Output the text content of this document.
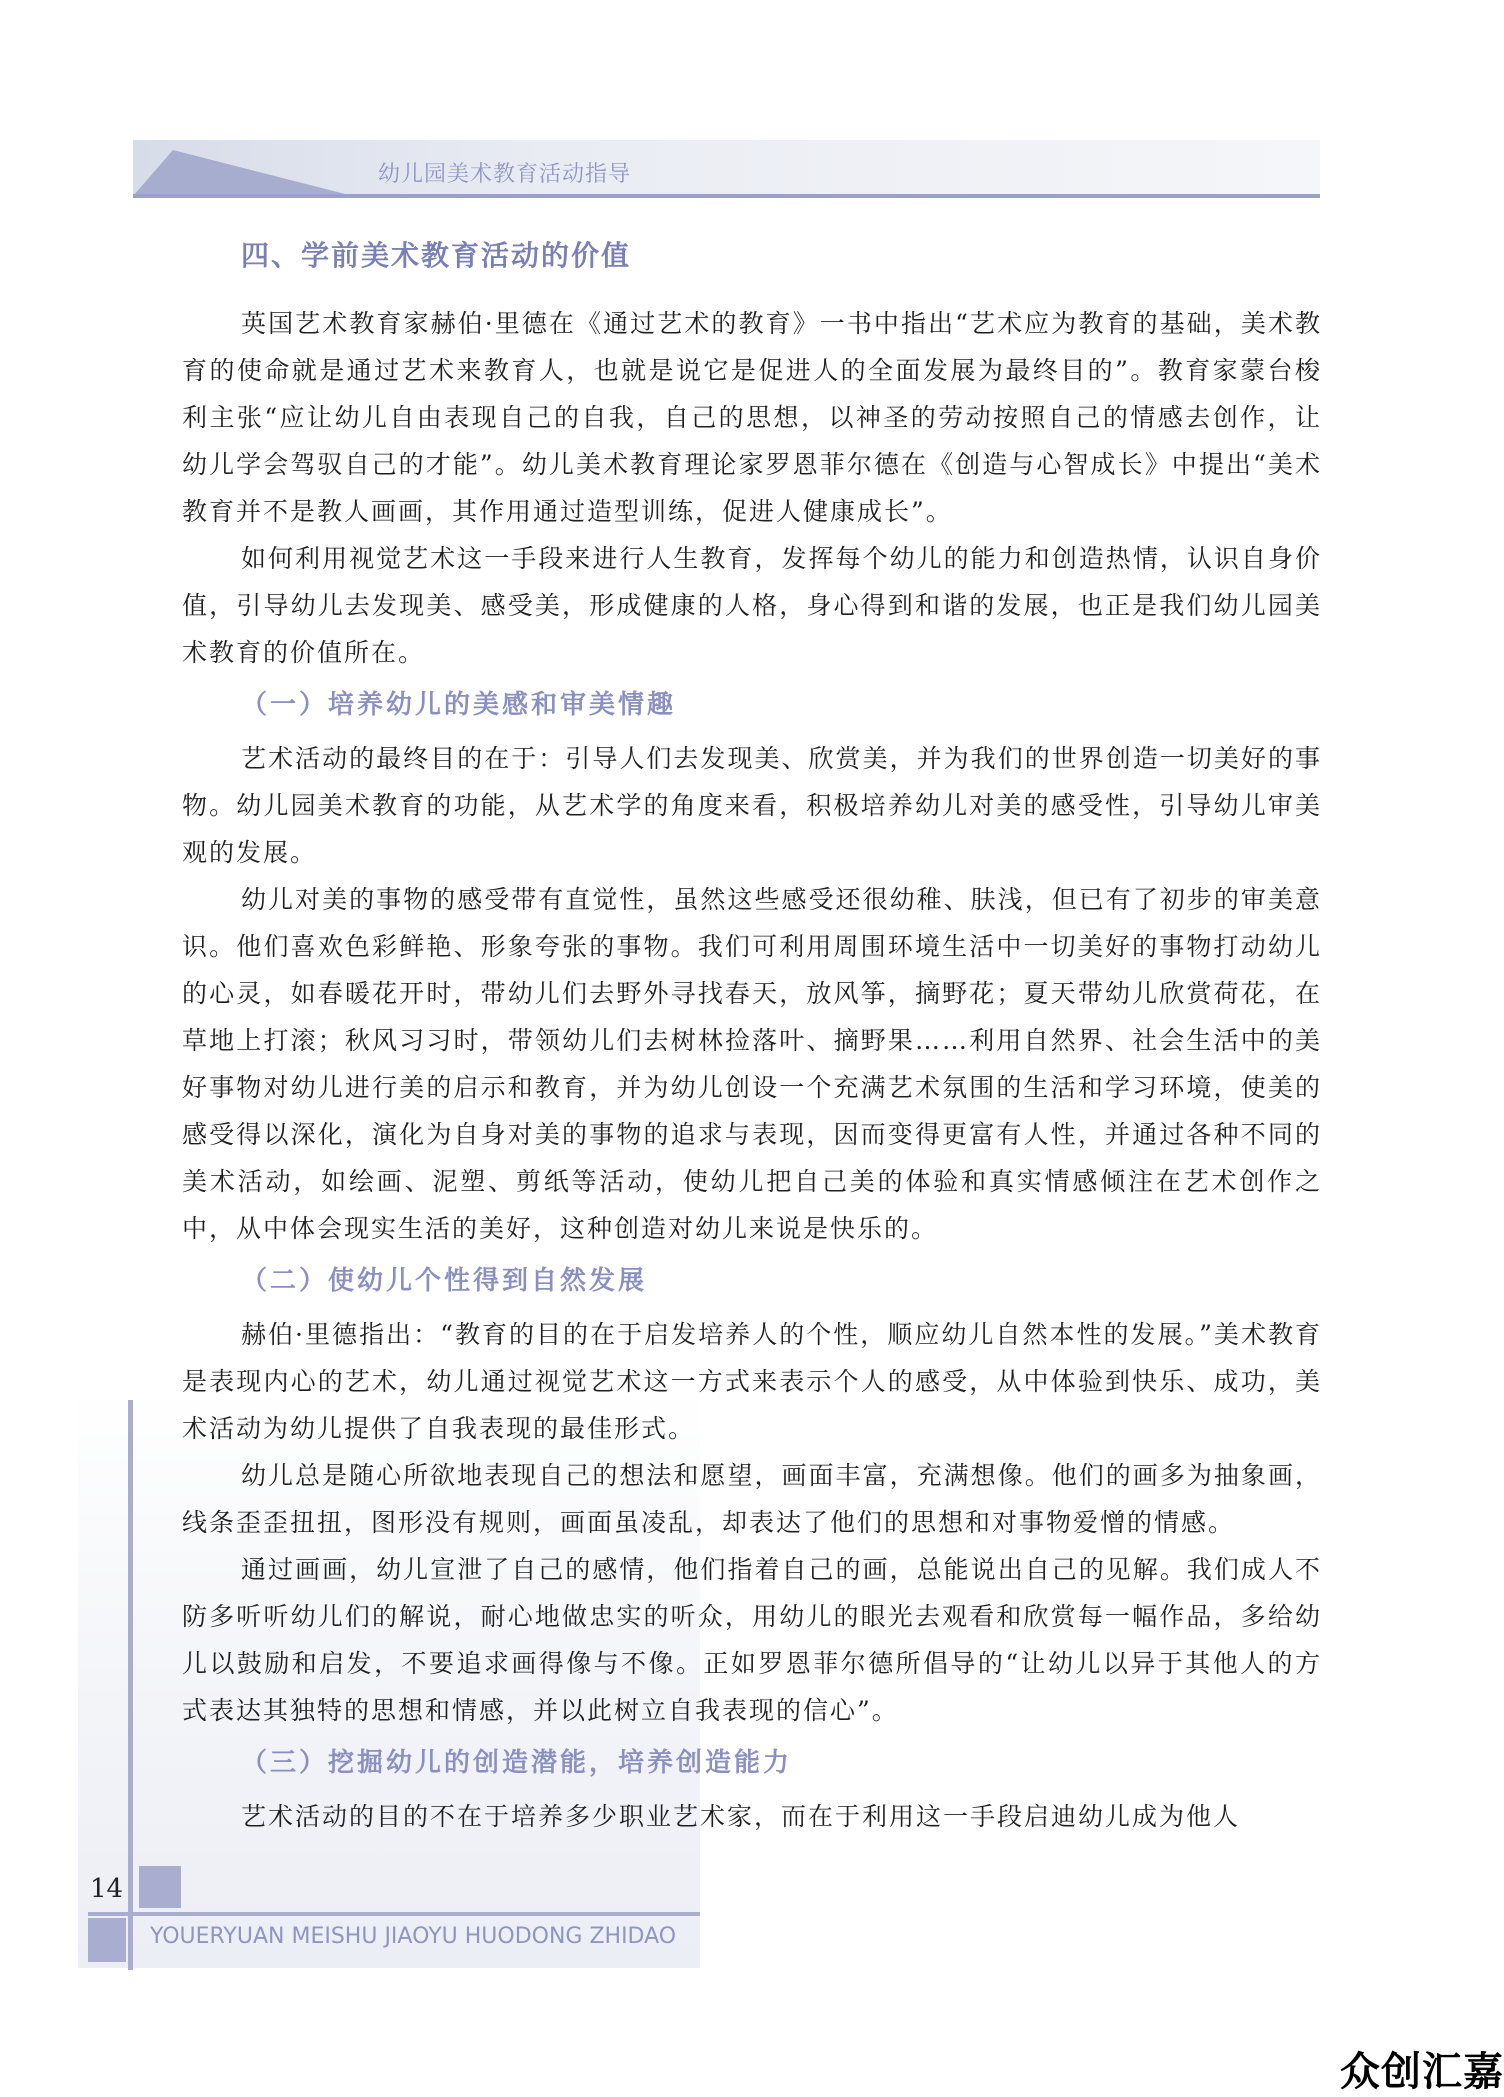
幼儿园美术教育活动指导
四、学前美术教育活动的价值

英国艺术教育家赫伯·里德在《通过艺术的教育》一书中指出“艺术应为教育的基础，美术教育的使命就是通过艺术来教育人，也就是说它是促进人的全面发展为最终目的”。教育家蒙台梭利主张“应让幼儿自由表现自己的自我，自己的思想，以神圣的劳动按照自己的情感去创作，让幼儿学会驾驭自己的才能”。幼儿美术教育理论家罗恩菲尔德在《创造与心智成长》中提出“美术教育并不是教人画画，其作用通过造型训练，促进人健康成长”。

如何利用视觉艺术这一手段来进行人生教育，发挥每个幼儿的能力和创造热情，认识自身价值，引导幼儿去发现美、感受美，形成健康的人格，身心得到和谐的发展，也正是我们幼儿园美术教育的价值所在。

（一）培养幼儿的美感和审美情趣

艺术活动的最终目的在于：引导人们去发现美、欣赏美，并为我们的世界创造一切美好的事物。幼儿园美术教育的功能，从艺术学的角度来看，积极培养幼儿对美的感受性，引导幼儿审美观的发展。

幼儿对美的事物的感受带有直觉性，虽然这些感受还很幼稚、肤浅，但已有了初步的审美意识。他们喜欢色彩鲜艳、形象夸张的事物。我们可利用周围环境生活中一切美好的事物打动幼儿的心灵，如春暖花开时，带幼儿们去野外寻找春天，放风筝，摘野花；夏天带幼儿欣赏荷花，在草地上打滚；秋风习习时，带领幼儿们去树林捡落叶、摘野果……利用自然界、社会生活中的美好事物对幼儿进行美的启示和教育，并为幼儿创设一个充满艺术氛围的生活和学习环境，使美的感受得以深化，演化为自身对美的事物的追求与表现，因而变得更富有人性，并通过各种不同的美术活动，如绘画、泥塑、剪纸等活动，使幼儿把自己美的体验和真实情感倾注在艺术创作之中，从中体会现实生活的美好，这种创造对幼儿来说是快乐的。

（二）使幼儿个性得到自然发展

赫伯·里德指出：“教育的目的在于启发培养人的个性，顺应幼儿自然本性的发展。”美术教育是表现内心的艺术，幼儿通过视觉艺术这一方式来表示个人的感受，从中体验到快乐、成功，美术活动为幼儿提供了自我表现的最佳形式。

幼儿总是随心所欲地表现自己的想法和愿望，画面丰富，充满想像。他们的画多为抽象画，线条歪歪扭扭，图形没有规则，画面虽凌乱，却表达了他们的思想和对事物爱憎的情感。

通过画画，幼儿宣泄了自己的感情，他们指着自己的画，总能说出自己的见解。我们成人不防多听听幼儿们的解说，耐心地做忠实的听众，用幼儿的眼光去观看和欣赏每一幅作品，多给幼儿以鼓励和启发，不要追求画得像与不像。正如罗恩菲尔德所倡导的“让幼儿以异于其他人的方式表达其独特的思想和情感，并以此树立自我表现的信心”。

（三）挖掘幼儿的创造潜能，培养创造能力

艺术活动的目的不在于培养多少职业艺术家，而在于利用这一手段启迪幼儿成为他人

14
YOUERYUAN MEISHU JIAOYU HUODONG ZHIDAO
众创汇嘉
